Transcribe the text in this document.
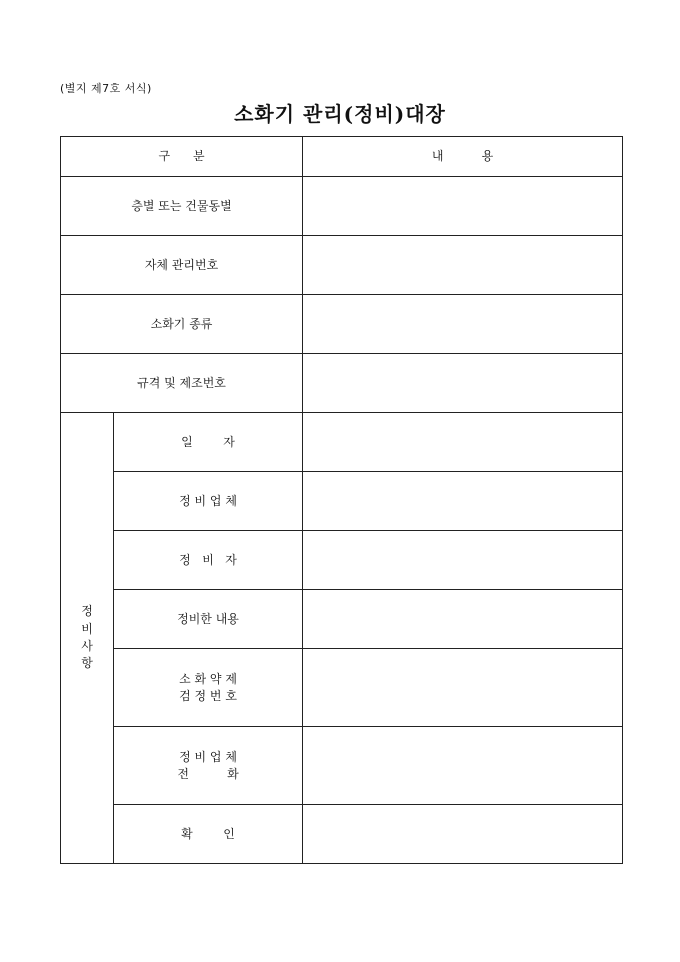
(별지 제7호 서식)
소화기 관리(정비)대장
구      분		내          용
층별 또는 건물동별		
자체 관리번호		
소화기 종류		
규격 및 제조번호		
정비사항	일        자	

	정 비 업 체	

	정   비   자	

	정비한 내용	

	소 화 약 제
검 정 번 호	

	정 비 업 체
전          화	

	확        인	
